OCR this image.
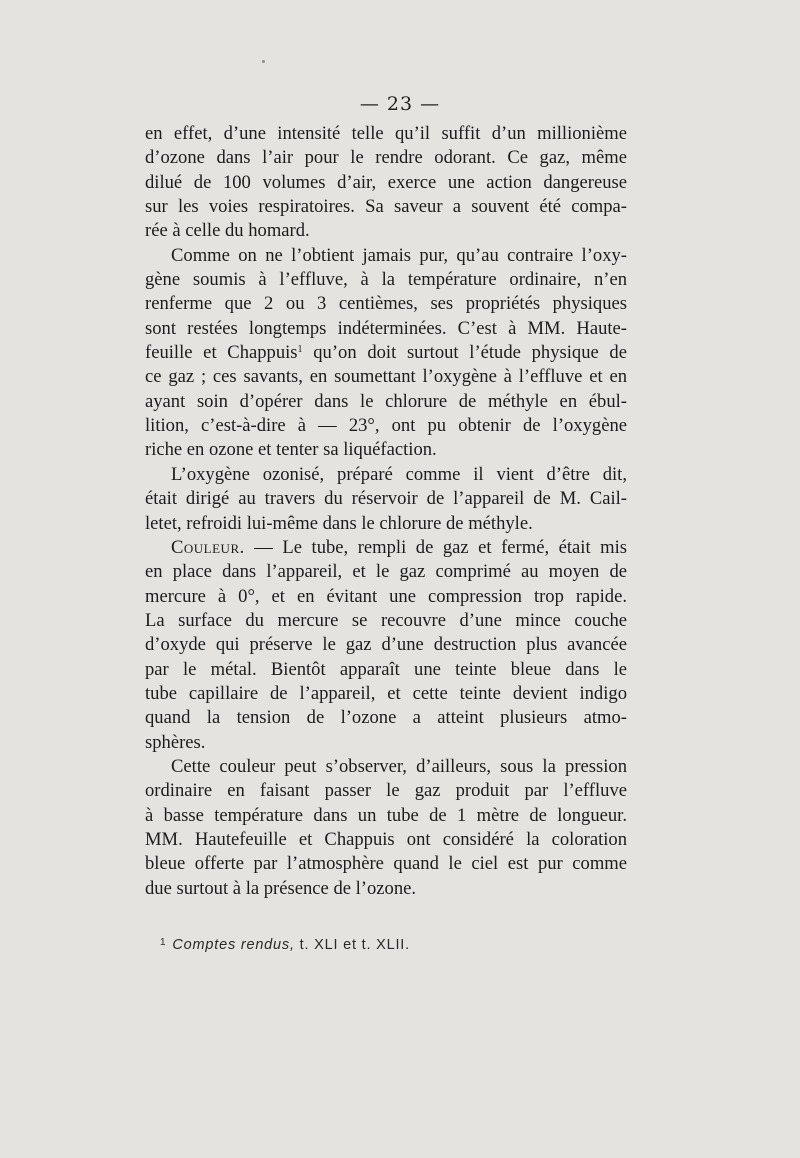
— 23 —
en effet, d’une intensité telle qu’il suffit d’un millionième
d’ozone dans l’air pour le rendre odorant. Ce gaz, même
dilué de 100 volumes d’air, exerce une action dangereuse
sur les voies respiratoires. Sa saveur a souvent été compa-
rée à celle du homard.
Comme on ne l’obtient jamais pur, qu’au contraire l’oxy-
gène soumis à l’effluve, à la température ordinaire, n’en
renferme que 2 ou 3 centièmes, ses propriétés physiques
sont restées longtemps indéterminées. C’est à MM. Haute-
feuille et Chappuis$^1$ qu’on doit surtout l’étude physique de
ce gaz ; ces savants, en soumettant l’oxygène à l’effluve et en
ayant soin d’opérer dans le chlorure de méthyle en ébul-
lition, c’est-à-dire à — 23°, ont pu obtenir de l’oxygène
riche en ozone et tenter sa liquéfaction.
L’oxygène ozonisé, préparé comme il vient d’être dit,
était dirigé au travers du réservoir de l’appareil de M. Cail-
letet, refroidi lui-même dans le chlorure de méthyle.
Couleur. — Le tube, rempli de gaz et fermé, était mis
en place dans l’appareil, et le gaz comprimé au moyen de
mercure à 0°, et en évitant une compression trop rapide.
La surface du mercure se recouvre d’une mince couche
d’oxyde qui préserve le gaz d’une destruction plus avancée
par le métal. Bientôt apparaît une teinte bleue dans le
tube capillaire de l’appareil, et cette teinte devient indigo
quand la tension de l’ozone a atteint plusieurs atmo-
sphères.
Cette couleur peut s’observer, d’ailleurs, sous la pression
ordinaire en faisant passer le gaz produit par l’effluve
à basse température dans un tube de 1 mètre de longueur.
MM. Hautefeuille et Chappuis ont considéré la coloration
bleue offerte par l’atmosphère quand le ciel est pur comme
due surtout à la présence de l’ozone.
$^1$ Comptes rendus, t. XLI et t. XLII.
